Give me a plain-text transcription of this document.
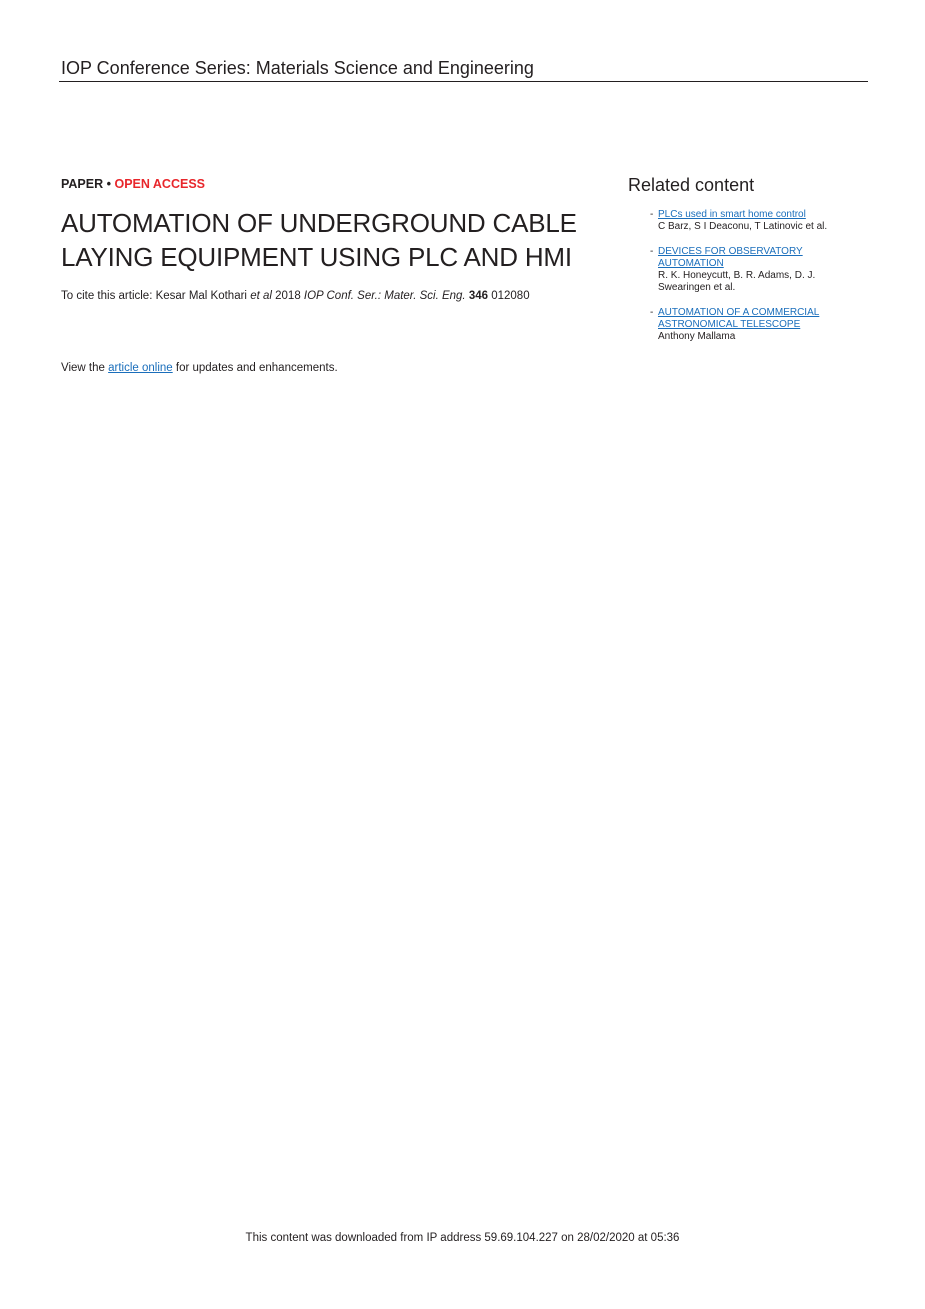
IOP Conference Series: Materials Science and Engineering
PAPER • OPEN ACCESS
AUTOMATION OF UNDERGROUND CABLE
LAYING EQUIPMENT USING PLC AND HMI
To cite this article: Kesar Mal Kothari et al 2018 IOP Conf. Ser.: Mater. Sci. Eng. 346 012080
View the article online for updates and enhancements.
Related content
- PLCs used in smart home control
C Barz, S I Deaconu, T Latinovic et al.
- DEVICES FOR OBSERVATORY AUTOMATION
R. K. Honeycutt, B. R. Adams, D. J. Swearingen et al.
- AUTOMATION OF A COMMERCIAL ASTRONOMICAL TELESCOPE
Anthony Mallama
This content was downloaded from IP address 59.69.104.227 on 28/02/2020 at 05:36
